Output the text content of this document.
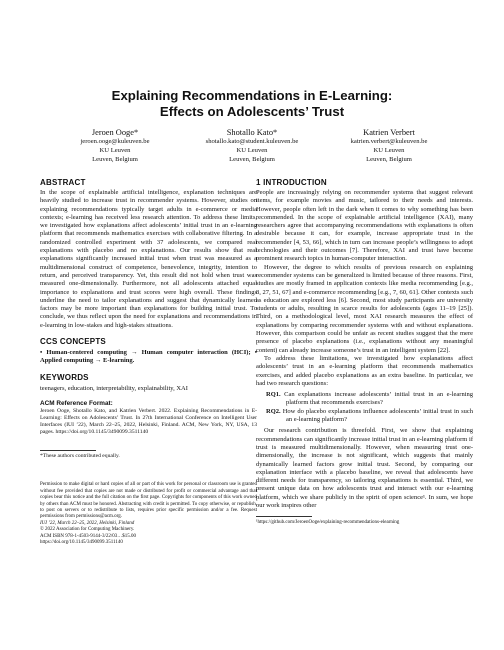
Explaining Recommendations in E-Learning:
Effects on Adolescents’ Trust
Jeroen Ooge*
jeroen.ooge@kuleuven.be
KU Leuven
Leuven, Belgium
Shotallo Kato*
shotallo.kato@student.kuleuven.be
KU Leuven
Leuven, Belgium
Katrien Verbert
katrien.verbert@kuleuven.be
KU Leuven
Leuven, Belgium
ABSTRACT
In the scope of explainable artificial intelligence, explanation techniques are heavily studied to increase trust in recommender systems. However, studies on explaining recommendations typically target adults in e-commerce or media contexts; e-learning has received less research attention. To address these limits, we investigated how explanations affect adolescents’ initial trust in an e-learning platform that recommends mathematics exercises with collaborative filtering. In a randomized controlled experiment with 37 adolescents, we compared real explanations with placebo and no explanations. Our results show that real explanations significantly increased initial trust when trust was measured as a multidimensional construct of competence, benevolence, integrity, intention to return, and perceived transparency. Yet, this result did not hold when trust was measured one-dimensionally. Furthermore, not all adolescents attached equal importance to explanations and trust scores were high overall. These findings underline the need to tailor explanations and suggest that dynamically learned factors may be more important than explanations for building initial trust. To conclude, we thus reflect upon the need for explanations and recommendations in e-learning in low-stakes and high-stakes situations.
CCS CONCEPTS
• Human-centered computing → Human computer interaction (HCI); • Applied computing → E-learning.
KEYWORDS
teenagers, education, interpretability, explainability, XAI
ACM Reference Format:
Jeroen Ooge, Shotallo Kato, and Katrien Verbert. 2022. Explaining Recommendations in E-Learning: Effects on Adolescents’ Trust. In 27th International Conference on Intelligent User Interfaces (IUI ’22), March 22–25, 2022, Helsinki, Finland. ACM, New York, NY, USA, 13 pages. https://doi.org/10.1145/3490099.3511140
*These authors contributed equally.
Permission to make digital or hard copies of all or part of this work for personal or classroom use is granted without fee provided that copies are not made or distributed for profit or commercial advantage and that copies bear this notice and the full citation on the first page. Copyrights for components of this work owned by others than ACM must be honored. Abstracting with credit is permitted. To copy otherwise, or republish, to post on servers or to redistribute to lists, requires prior specific permission and/or a fee. Request permissions from permissions@acm.org.
IUI ’22, March 22–25, 2022, Helsinki, Finland
© 2022 Association for Computing Machinery.
ACM ISBN 978-1-4503-9144-3/22/03…$15.00
https://doi.org/10.1145/3490099.3511140
1 INTRODUCTION
People are increasingly relying on recommender systems that suggest relevant items, for example movies and music, tailored to their needs and interests. However, people often left in the dark when it comes to why something has been recommended. In the scope of explainable artificial intelligence (XAI), many researchers agree that accompanying recommendations with explanations is often desirable because it can, for example, increase appropriate trust in the recommender [4, 53, 66], which in turn can increase people’s willingness to adopt technologies and their outcomes [7]. Therefore, XAI and trust have become prominent research topics in human-computer interaction.
However, the degree to which results of previous research on explaining recommender systems can be generalized is limited because of three reasons. First, studies are mostly framed in application contexts like media recommending [e.g., 8, 27, 51, 67] and e-commerce recommending [e.g., 7, 60, 61]. Other contexts such as education are explored less [6]. Second, most study participants are university students or adults, resulting in scarce results for adolescents (ages 11–19 [25]). Third, on a methodological level, most XAI research measures the effect of explanations by comparing recommender systems with and without explanations. However, this comparison could be unfair as recent studies suggest that the mere presence of placebo explanations (i.e., explanations without any meaningful content) can already increase someone’s trust in an intelligent system [22].
To address these limitations, we investigated how explanations affect adolescents’ trust in an e-learning platform that recommends mathematics exercises, and added placebo explanations as an extra baseline. In particular, we had two research questions:
RQ1. Can explanations increase adolescents’ initial trust in an e-learning platform that recommends exercises?
RQ2. How do placebo explanations influence adolescents’ initial trust in such an e-learning platform?
Our research contribution is threefold. First, we show that explaining recommendations can significantly increase initial trust in an e-learning platform if trust is measured multidimensionally. However, when measuring trust one-dimensionally, the increase is not significant, which suggests that mainly dynamically learned factors grow initial trust. Second, by comparing our explanation interface with a placebo baseline, we reveal that adolescents have different needs for transparency, so tailoring explanations is essential. Third, we present unique data on how adolescents trust and interact with our e-learning platform, which we share publicly in the spirit of open science¹. In sum, we hope our work inspires other
¹https://github.com/JeroenOoge/explaining-recommendations-elearning
